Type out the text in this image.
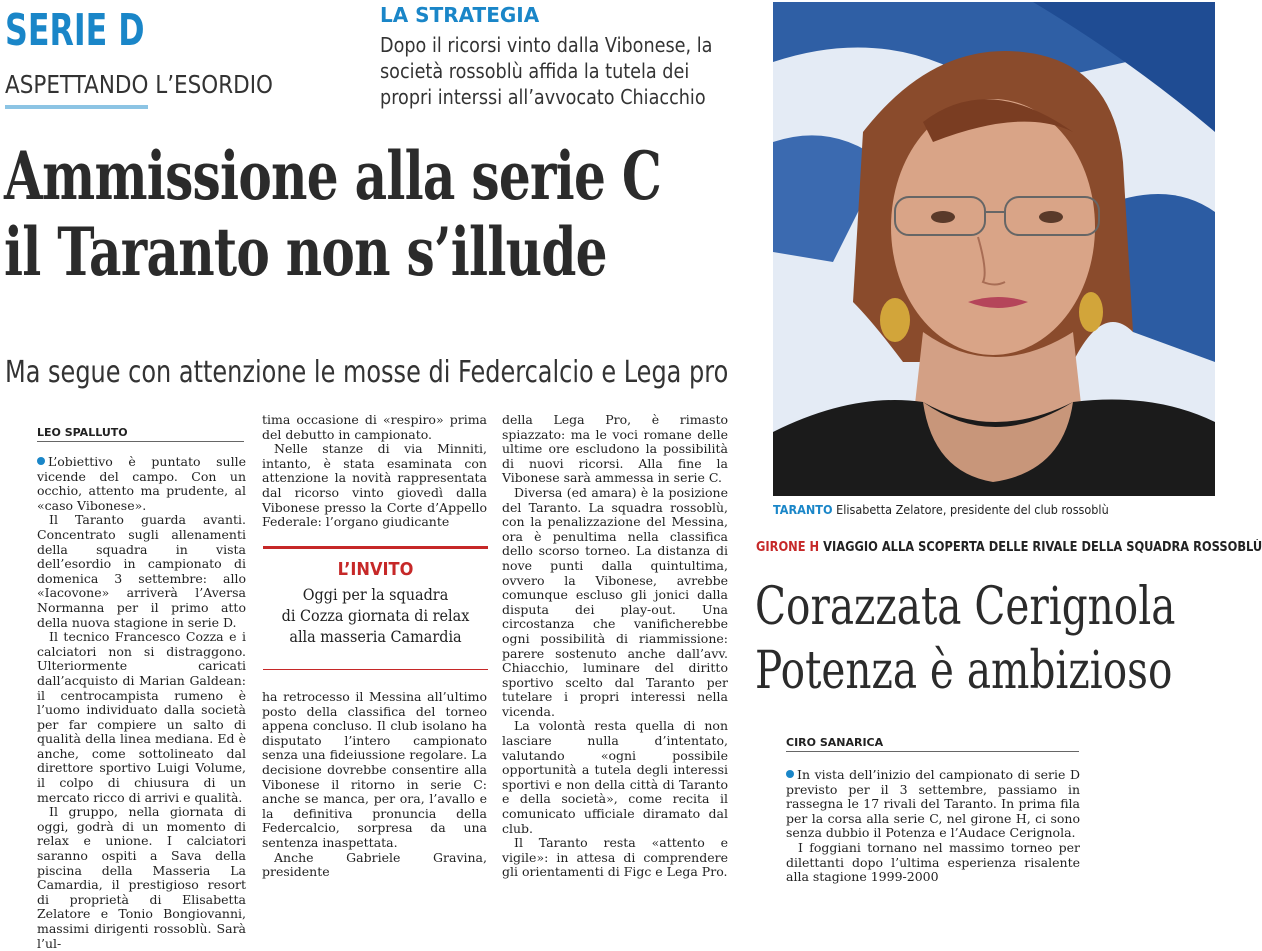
SERIE D
ASPETTANDO L’ESORDIO
LA STRATEGIA
Dopo il ricorsi vinto dalla Vibonese, la
società rossoblù affida la tutela dei
propri interssi all’avvocato Chiacchio
Ammissione alla serie C
il Taranto non s’illude
Ma segue con attenzione le mosse di Federcalcio e Lega pro
LEO SPALLUTO

L’obiettivo è puntato sulle vicende del campo. Con un occhio, attento ma prudente, al «caso Vibonese».

Il Taranto guarda avanti. Concentrato sugli allenamenti della squadra in vista dell’esordio in campionato di domenica 3 settembre: allo «Iacovone» arriverà l’Aversa Normanna per il primo atto della nuova stagione in serie D.

Il tecnico Francesco Cozza e i calciatori non si distraggono. Ulteriormente caricati dall’acquisto di Marian Galdean: il centrocampista rumeno è l’uomo individuato dalla società per far compiere un salto di qualità della linea mediana. Ed è anche, come sottolineato dal direttore sportivo Luigi Volume, il colpo di chiusura di un mercato ricco di arrivi e qualità.

Il gruppo, nella giornata di oggi, godrà di un momento di relax e unione. I calciatori saranno ospiti a Sava della piscina della Masseria La Camardia, il prestigioso resort di proprietà di Elisabetta Zelatore e Tonio Bongiovanni, massimi dirigenti rossoblù. Sarà l’ul-

tima occasione di «respiro» prima del debutto in campionato.

Nelle stanze di via Minniti, intanto, è stata esaminata con attenzione la novità rappresentata dal ricorso vinto giovedì dalla Vibonese presso la Corte d’Appello Federale: l’organo giudicante

L’INVITO
Oggi per la squadra
di Cozza giornata di relax
alla masseria Camardia

ha retrocesso il Messina all’ultimo posto della classifica del torneo appena concluso. Il club isolano ha disputato l’intero campionato senza una fideiussione regolare. La decisione dovrebbe consentire alla Vibonese il ritorno in serie C: anche se manca, per ora, l’avallo e la definitiva pronuncia della Federcalcio, sorpresa da una sentenza inaspettata.

Anche Gabriele Gravina, presidente

della Lega Pro, è rimasto spiazzato: ma le voci romane delle ultime ore escludono la possibilità di nuovi ricorsi. Alla fine la Vibonese sarà ammessa in serie C.

Diversa (ed amara) è la posizione del Taranto. La squadra rossoblù, con la penalizzazione del Messina, ora è penultima nella classifica dello scorso torneo. La distanza di nove punti dalla quintultima, ovvero la Vibonese, avrebbe comunque escluso gli jonici dalla disputa dei play-out. Una circostanza che vanificherebbe ogni possibilità di riammissione: parere sostenuto anche dall’avv. Chiacchio, luminare del diritto sportivo scelto dal Taranto per tutelare i propri interessi nella vicenda.

La volontà resta quella di non lasciare nulla d’intentato, valutando «ogni possibile opportunità a tutela degli interessi sportivi e non della città di Taranto e della società», come recita il comunicato ufficiale diramato dal club.

Il Taranto resta «attento e vigile»: in attesa di comprendere gli orientamenti di Figc e Lega Pro.

TARANTO Elisabetta Zelatore, presidente del club rossoblù
GIRONE H VIAGGIO ALLA SCOPERTA DELLE RIVALE DELLA SQUADRA ROSSOBLÙ
Corazzata Cerignola
Potenza è ambizioso
CIRO SANARICA

In vista dell’inizio del campionato di serie D previsto per il 3 settembre, passiamo in rassegna le 17 rivali del Taranto. In prima fila per la corsa alla serie C, nel girone H, ci sono senza dubbio il Potenza e l’Audace Cerignola.

I foggiani tornano nel massimo torneo per dilettanti dopo l’ultima esperienza risalente alla stagione 1999-2000
